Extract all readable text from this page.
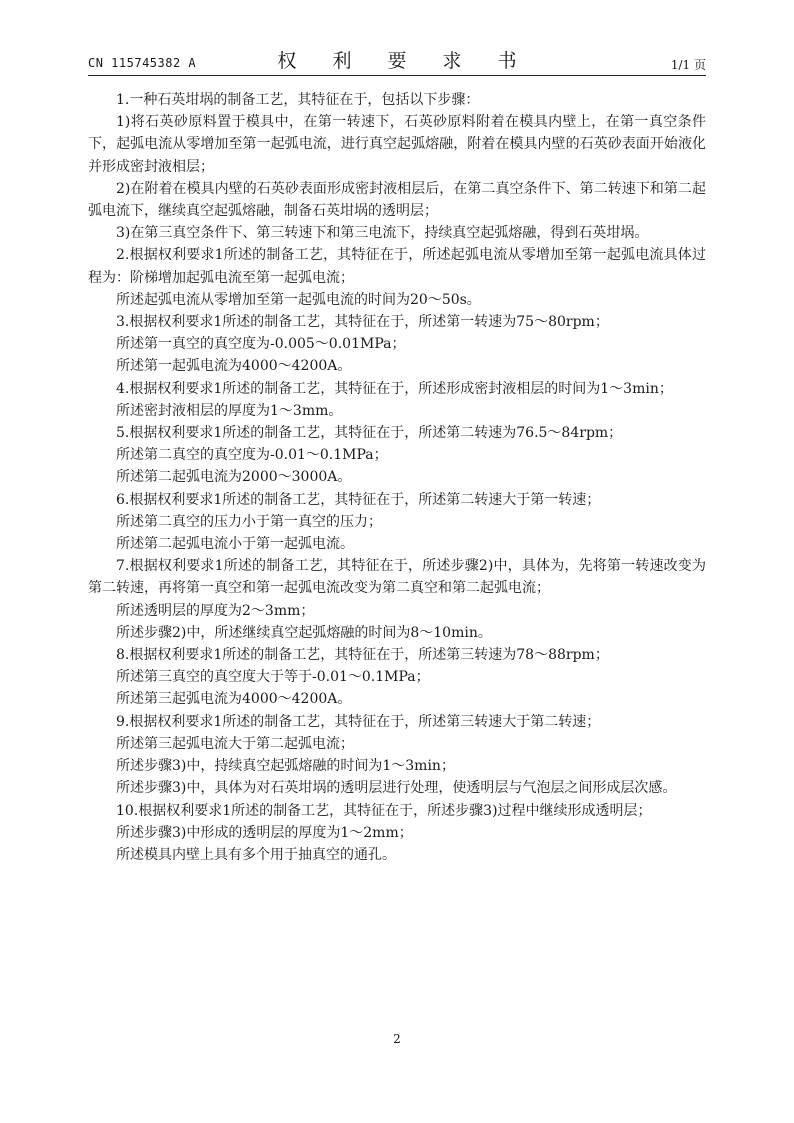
CN 115745382 A	权 利 要 求 书	1/1 页

1.一种石英坩埚的制备工艺，其特征在于，包括以下步骤：

1)将石英砂原料置于模具中，在第一转速下，石英砂原料附着在模具内壁上，在第一真空条件下，起弧电流从零增加至第一起弧电流，进行真空起弧熔融，附着在模具内壁的石英砂表面开始液化并形成密封液相层；

2)在附着在模具内壁的石英砂表面形成密封液相层后，在第二真空条件下、第二转速下和第二起弧电流下，继续真空起弧熔融，制备石英坩埚的透明层；

3)在第三真空条件下、第三转速下和第三电流下，持续真空起弧熔融，得到石英坩埚。

2.根据权利要求1所述的制备工艺，其特征在于，所述起弧电流从零增加至第一起弧电流具体过程为：阶梯增加起弧电流至第一起弧电流；

所述起弧电流从零增加至第一起弧电流的时间为20～50s。

3.根据权利要求1所述的制备工艺，其特征在于，所述第一转速为75～80rpm；

所述第一真空的真空度为-0.005～0.01MPa；

所述第一起弧电流为4000～4200A。

4.根据权利要求1所述的制备工艺，其特征在于，所述形成密封液相层的时间为1～3min；

所述密封液相层的厚度为1～3mm。

5.根据权利要求1所述的制备工艺，其特征在于，所述第二转速为76.5～84rpm；

所述第二真空的真空度为-0.01～0.1MPa；

所述第二起弧电流为2000～3000A。

6.根据权利要求1所述的制备工艺，其特征在于，所述第二转速大于第一转速；

所述第二真空的压力小于第一真空的压力；

所述第二起弧电流小于第一起弧电流。

7.根据权利要求1所述的制备工艺，其特征在于，所述步骤2)中，具体为，先将第一转速改变为第二转速，再将第一真空和第一起弧电流改变为第二真空和第二起弧电流；

所述透明层的厚度为2～3mm；

所述步骤2)中，所述继续真空起弧熔融的时间为8～10min。

8.根据权利要求1所述的制备工艺，其特征在于，所述第三转速为78～88rpm；

所述第三真空的真空度大于等于-0.01～0.1MPa；

所述第三起弧电流为4000～4200A。

9.根据权利要求1所述的制备工艺，其特征在于，所述第三转速大于第二转速；

所述第三起弧电流大于第二起弧电流；

所述步骤3)中，持续真空起弧熔融的时间为1～3min；

所述步骤3)中，具体为对石英坩埚的透明层进行处理，使透明层与气泡层之间形成层次感。

10.根据权利要求1所述的制备工艺，其特征在于，所述步骤3)过程中继续形成透明层；

所述步骤3)中形成的透明层的厚度为1～2mm；

所述模具内壁上具有多个用于抽真空的通孔。

2
